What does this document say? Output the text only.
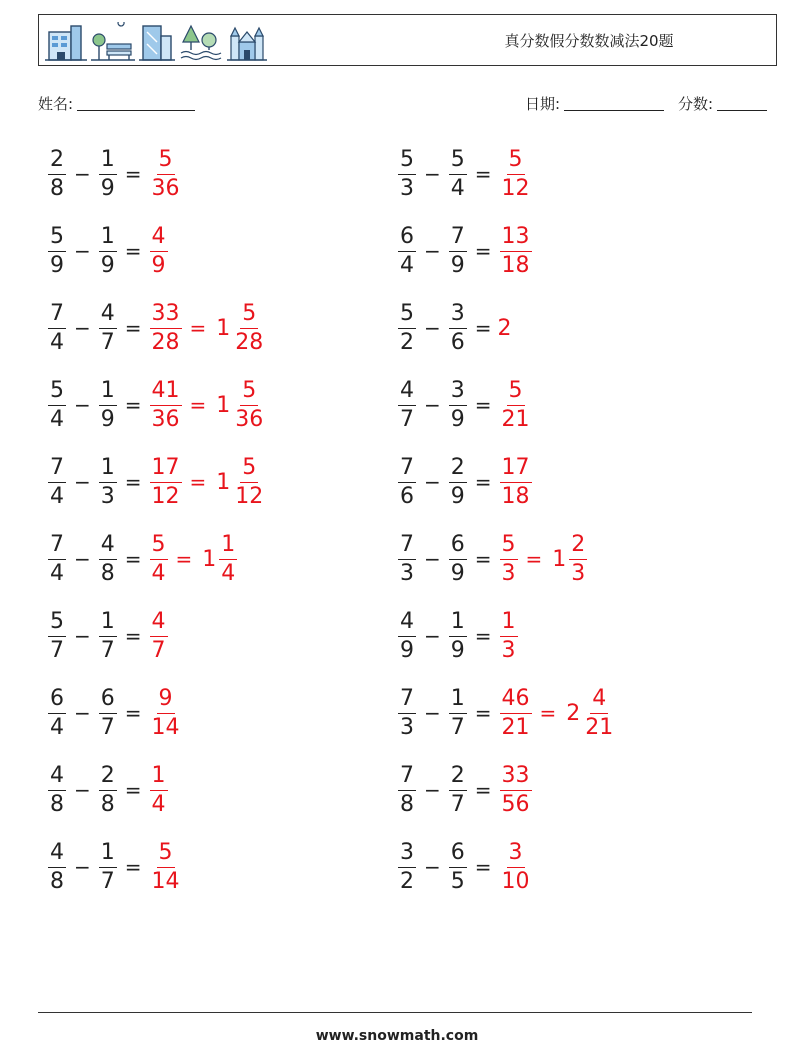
真分数假分数数减法20题
姓名:	日期:	分数:
$\frac{2}{8} - \frac{1}{9} = \frac{5}{36}$	$\frac{5}{3} - \frac{5}{4} = \frac{5}{12}$
$\frac{5}{9} - \frac{1}{9} = \frac{4}{9}$	$\frac{6}{4} - \frac{7}{9} = \frac{13}{18}$
$\frac{7}{4} - \frac{4}{7} = \frac{33}{28} = 1 \frac{5}{28}$	$\frac{5}{2} - \frac{3}{6} = 2$
$\frac{5}{4} - \frac{1}{9} = \frac{41}{36} = 1 \frac{5}{36}$	$\frac{4}{7} - \frac{3}{9} = \frac{5}{21}$
$\frac{7}{4} - \frac{1}{3} = \frac{17}{12} = 1 \frac{5}{12}$	$\frac{7}{6} - \frac{2}{9} = \frac{17}{18}$
$\frac{7}{4} - \frac{4}{8} = \frac{5}{4} = 1 \frac{1}{4}$	$\frac{7}{3} - \frac{6}{9} = \frac{5}{3} = 1 \frac{2}{3}$
$\frac{5}{7} - \frac{1}{7} = \frac{4}{7}$	$\frac{4}{9} - \frac{1}{9} = \frac{1}{3}$
$\frac{6}{4} - \frac{6}{7} = \frac{9}{14}$	$\frac{7}{3} - \frac{1}{7} = \frac{46}{21} = 2 \frac{4}{21}$
$\frac{4}{8} - \frac{2}{8} = \frac{1}{4}$	$\frac{7}{8} - \frac{2}{7} = \frac{33}{56}$
$\frac{4}{8} - \frac{1}{7} = \frac{5}{14}$	$\frac{3}{2} - \frac{6}{5} = \frac{3}{10}$
www.snowmath.com
